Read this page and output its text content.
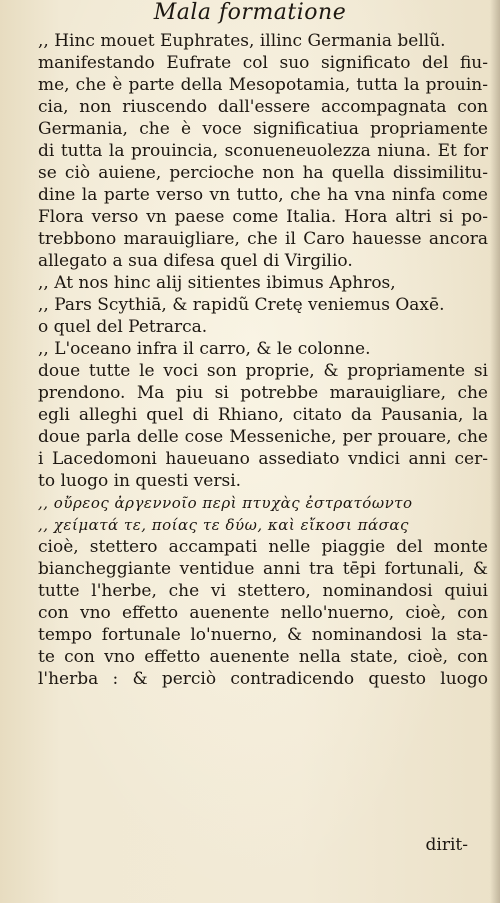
Mala formatione
,, Hinc mouet Euphrates, illinc Germania bellũ.
manifestando Eufrate col suo significato del fiu-
me, che è parte della Mesopotamia, tutta la prouin-
cia, non riuscendo dall'essere accompagnata con
Germania, che è voce significatiua propriamente
di tutta la prouincia, sconueneuolezza niuna. Et for
se ciò auiene, percioche non ha quella dissimilitu-
dine la parte verso vn tutto, che ha vna ninfa come
Flora verso vn paese come Italia. Hora altri si po-
trebbono marauigliare, che il Caro hauesse ancora
allegato a sua difesa quel di Virgilio.
,, At nos hinc alij sitientes ibimus Aphros,
,, Pars Scythiā, & rapidũ Cretę veniemus Oaxē.
o quel del Petrarca.
,, L'oceano infra il carro, & le colonne.
doue tutte le voci son proprie, & propriamente si
prendono. Ma piu si potrebbe marauigliare, che
egli alleghi quel di Rhiano, citato da Pausania, la
doue parla delle cose Messeniche, per prouare, che
i Lacedomoni haueuano assediato vndici anni cer-
to luogo in questi versi.
,, οὔρεος ἀργεννοῖο περὶ πτυχὰς ἐστρατόωντο
,, χείματά τε, ποίας τε δύω, καὶ εἴκοσι πάσας
cioè, stettero accampati nelle piaggie del monte
biancheggiante ventidue anni tra tēpi fortunali, &
tutte l'herbe, che vi stettero, nominandosi quiui
con vno effetto auenente nello'nuerno, cioè, con
tempo fortunale lo'nuerno, & nominandosi la sta-
te con vno effetto auenente nella state, cioè, con
l'herba : & perciò contradicendo questo luogo
dirit-
